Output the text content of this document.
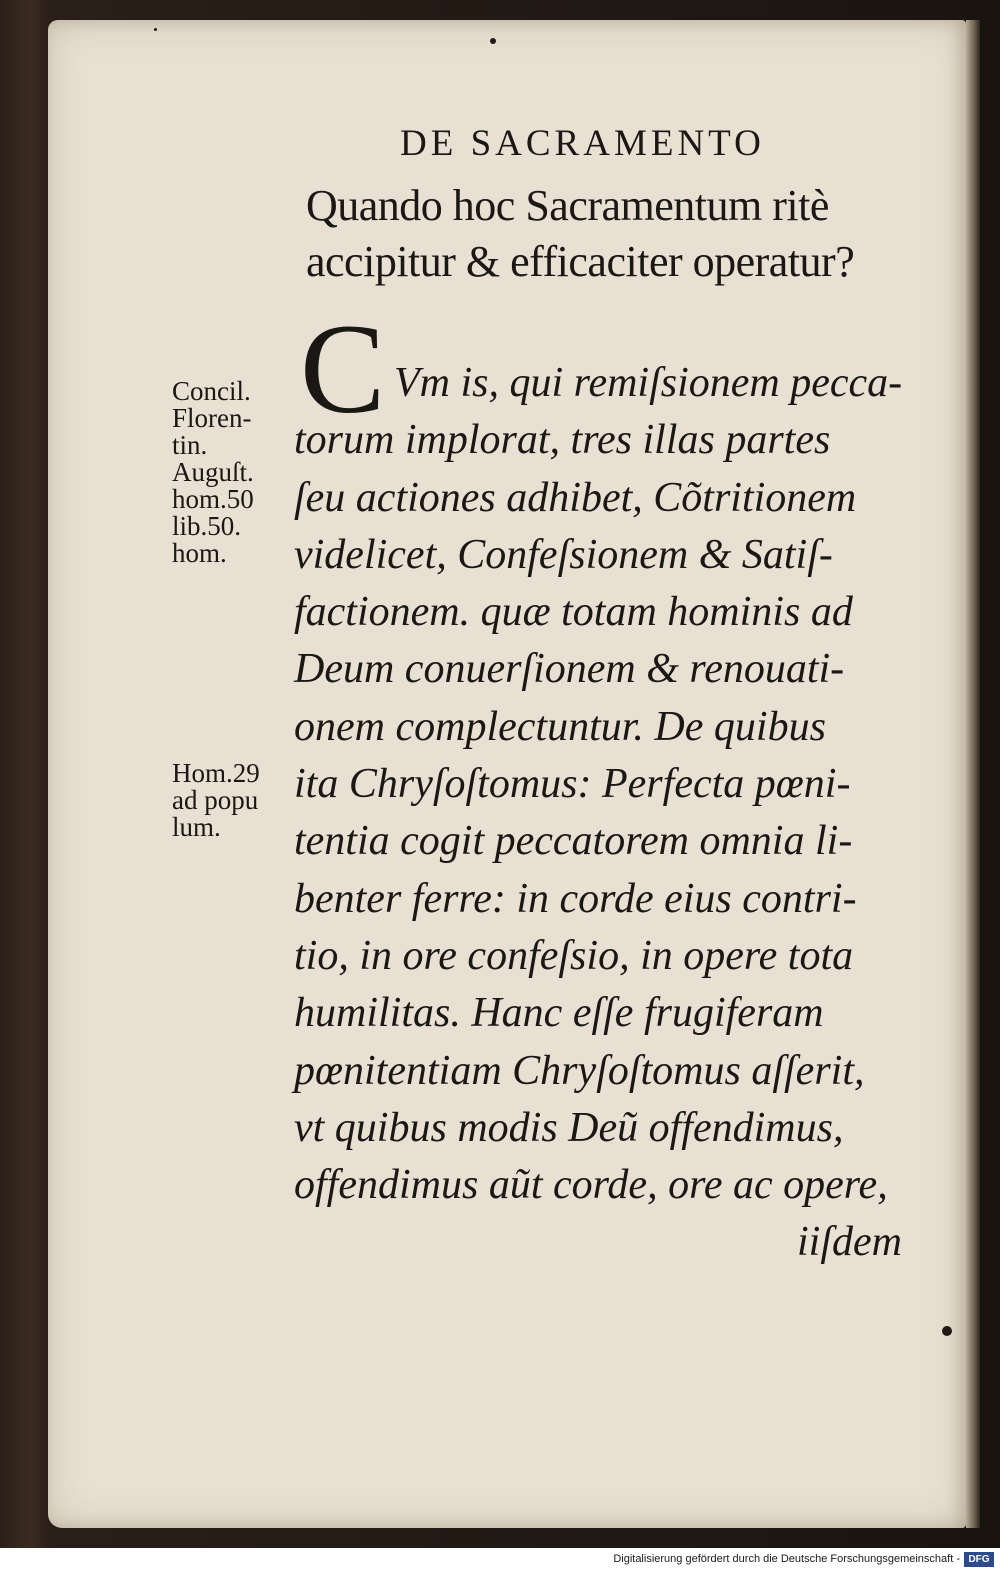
DE SACRAMENTO
Quando hoc Sacramentum ritè
accipitur & efficaciter operatur?
C Vm is, qui remiſsionem pecca-
torum implorat, tres illas partes
ſeu actiones adhibet, Cõtritionem
videlicet, Confeſsionem & Satiſ-
factionem. quæ totam hominis ad
Deum conuerſionem & renouati-
onem complectuntur. De quibus
ita Chryſoſtomus: Perfecta pœni-
tentia cogit peccatorem omnia li-
benter ferre: in corde eius contri-
tio, in ore confeſsio, in opere tota
humilitas. Hanc eſſe frugiferam
pœnitentiam Chryſoſtomus aſſerit,
vt quibus modis Deũ offendimus,
offendimus aũt corde, ore ac opere,
iiſdem
Concil.
Floren-
tin.
Auguſt.
hom.50
lib.50.
hom.
Hom.29
ad popu
lum.
Digitalisierung gefördert durch die Deutsche Forschungsgemeinschaft - DFG
